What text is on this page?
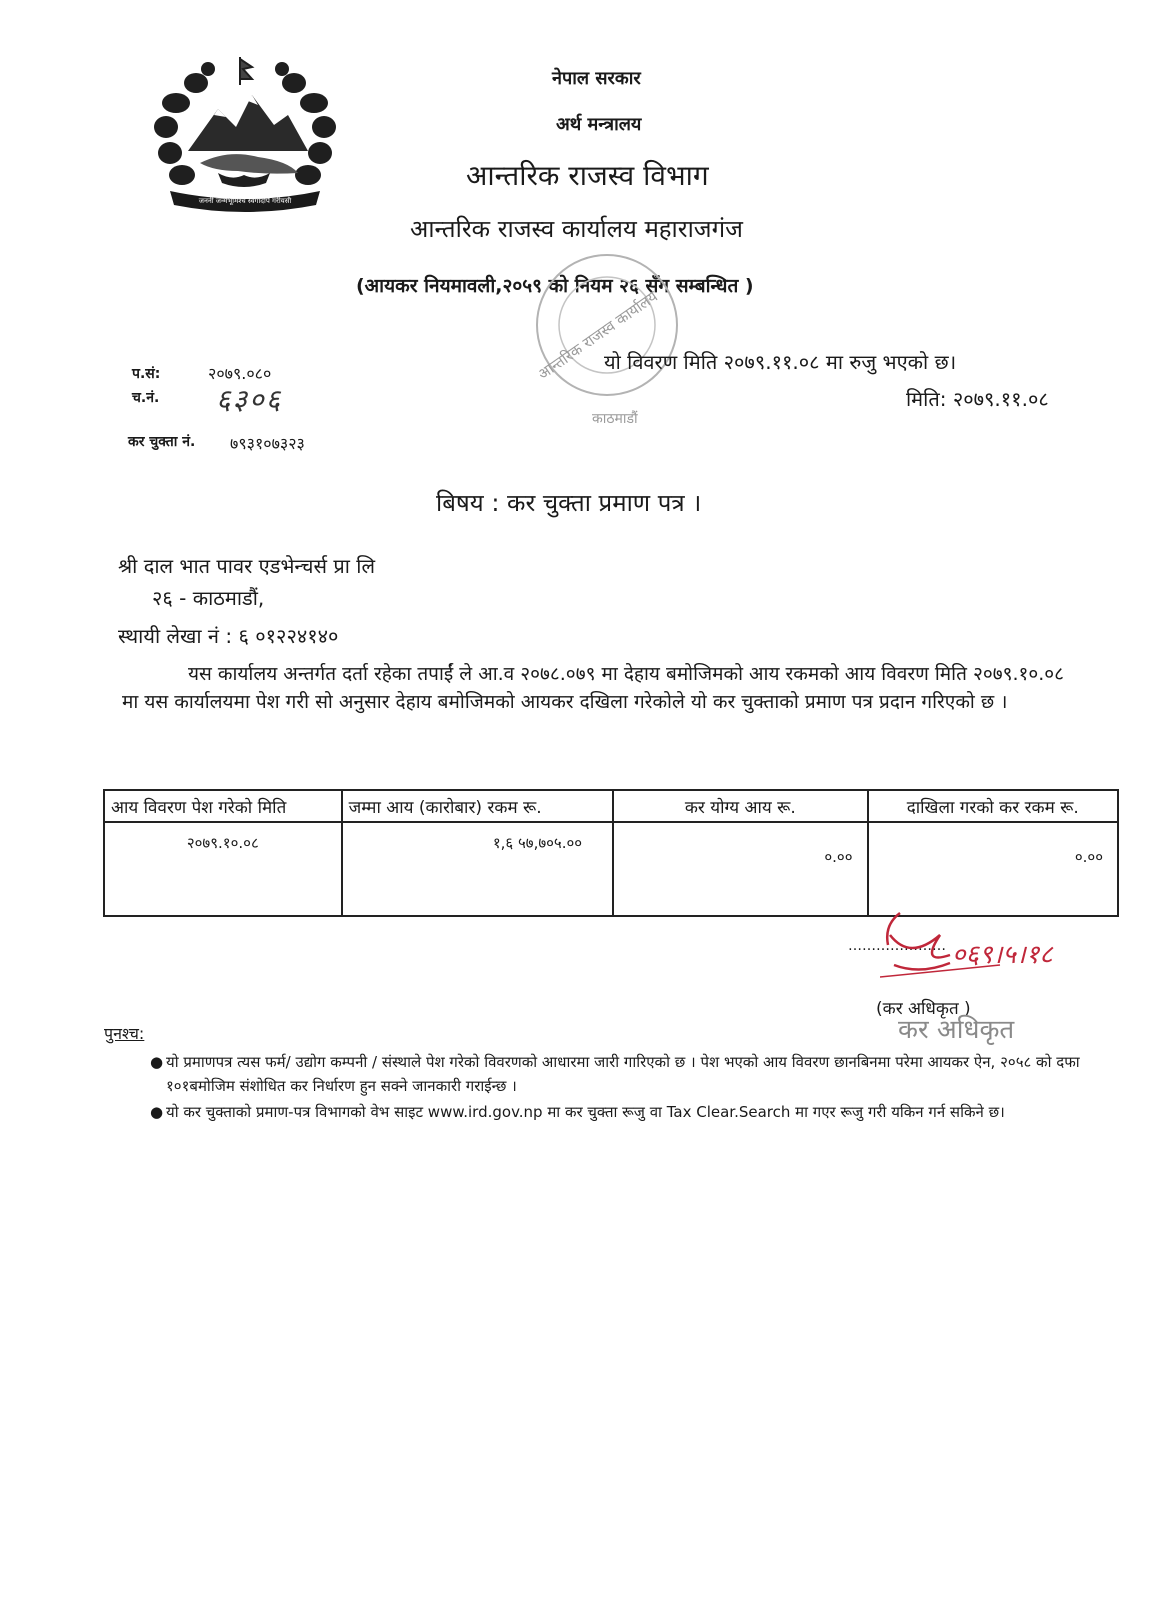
जननी जन्मभूमिश्च स्वर्गादपि गरीयसी
नेपाल सरकार
अर्थ मन्त्रालय
आन्तरिक राजस्व विभाग
आन्तरिक राजस्व कार्यालय महाराजगंज
(आयकर नियमावली,२०५९ को नियम २६ सँग सम्बन्धित )
आन्तरिक राजस्व कार्यालय
काठमाडौं
यो विवरण मिति २०७९.११.०८ मा रुजु भएको छ।
मिति: २०७९.११.०८
प.सं:	२०७९.०८०
च.नं. ६३०६
कर चुक्ता नं. ७९३१०७३२३
बिषय : कर चुक्ता प्रमाण पत्र ।
श्री दाल भात पावर एडभेन्चर्स प्रा लि
२६ - काठमाडौं,
स्थायी लेखा नं : ६ ०१२२४१४०
यस कार्यालय अन्तर्गत दर्ता रहेका तपाईं ले आ.व २०७८.०७९ मा देहाय बमोजिमको आय रकमको आय विवरण मिति २०७९.१०.०८ मा यस कार्यालयमा पेश गरी सो अनुसार देहाय बमोजिमको आयकर दखिला गरेकोले यो कर चुक्ताको प्रमाण पत्र प्रदान गरिएको छ ।
आय विवरण पेश गरेको मिति	जम्मा आय (कारोबार) रकम रू.	कर योग्य आय रू.	दाखिला गरको कर रकम रू.
२०७९.१०.०८	१,६ ५७,७०५.००	०.००	०.००
………………… ०६९।५।१८
(कर अधिकृत )
कर अधिकृत
पुनश्च:
● यो प्रमाणपत्र त्यस फर्म/ उद्योग कम्पनी / संस्थाले पेश गरेको विवरणको आधारमा जारी गारिएको छ । पेश भएको आय विवरण छानबिनमा परेमा आयकर ऐन, २०५८ को दफा १०१बमोजिम संशोधित कर निर्धारण हुन सक्ने जानकारी गराईन्छ ।
● यो कर चुक्ताको प्रमाण-पत्र विभागको वेभ साइट www.ird.gov.np मा कर चुक्ता रूजु वा Tax Clear.Search मा गएर रूजु गरी यकिन गर्न सकिने छ।
